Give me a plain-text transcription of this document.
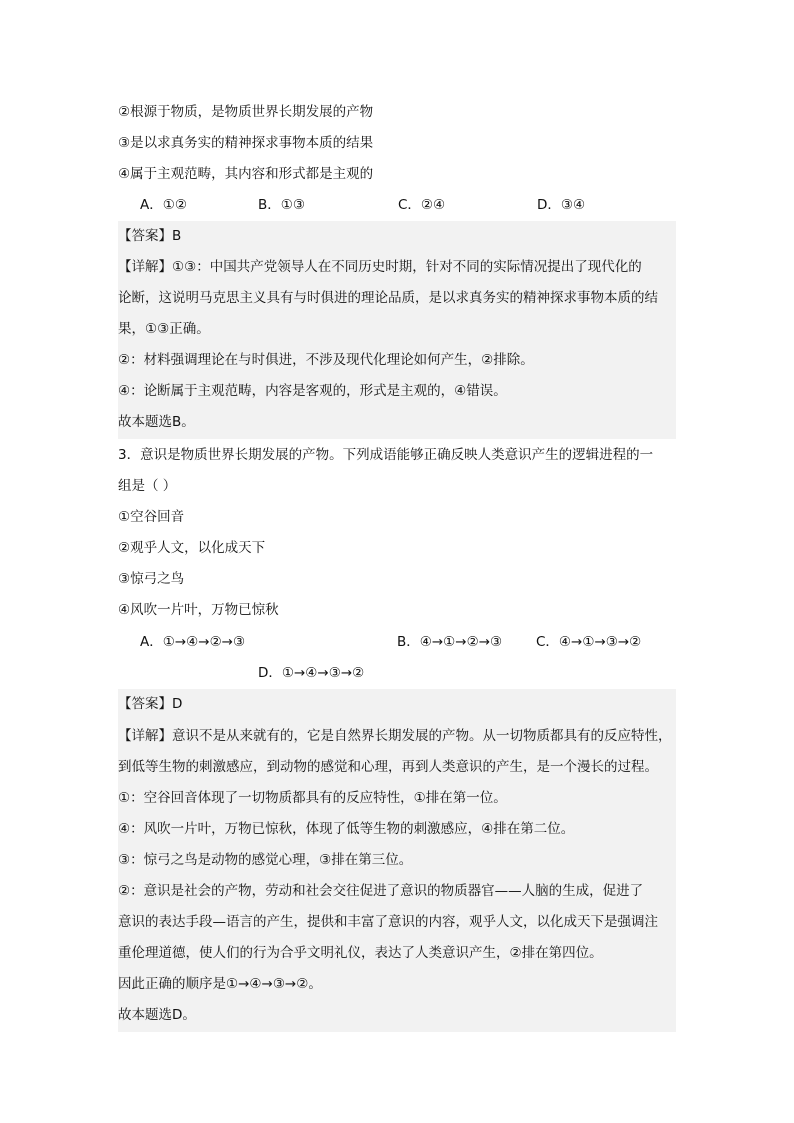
②根源于物质，是物质世界长期发展的产物
③是以求真务实的精神探求事物本质的结果
④属于主观范畴，其内容和形式都是主观的
A．①②	B．①③	C．②④	D．③④
【答案】B
【详解】①③：中国共产党领导人在不同历史时期，针对不同的实际情况提出了现代化的
论断，这说明马克思主义具有与时俱进的理论品质，是以求真务实的精神探求事物本质的结
果，①③正确。
②：材料强调理论在与时俱进，不涉及现代化理论如何产生，②排除。
④：论断属于主观范畴，内容是客观的，形式是主观的，④错误。
故本题选B。
3．意识是物质世界长期发展的产物。下列成语能够正确反映人类意识产生的逻辑进程的一
组是（ ）
①空谷回音
②观乎人文，以化成天下
③惊弓之鸟
④风吹一片叶，万物已惊秋
A．①→④→②→③	B．④→①→②→③	C．④→①→③→②
D．①→④→③→②
【答案】D
【详解】意识不是从来就有的，它是自然界长期发展的产物。从一切物质都具有的反应特性，
到低等生物的刺激感应，到动物的感觉和心理，再到人类意识的产生，是一个漫长的过程。
①：空谷回音体现了一切物质都具有的反应特性，①排在第一位。
④：风吹一片叶，万物已惊秋，体现了低等生物的刺激感应，④排在第二位。
③：惊弓之鸟是动物的感觉心理，③排在第三位。
②：意识是社会的产物，劳动和社会交往促进了意识的物质器官——人脑的生成，促进了
意识的表达手段—语言的产生，提供和丰富了意识的内容，观乎人文，以化成天下是强调注
重伦理道德，使人们的行为合乎文明礼仪，表达了人类意识产生，②排在第四位。
因此正确的顺序是①→④→③→②。
故本题选D。
